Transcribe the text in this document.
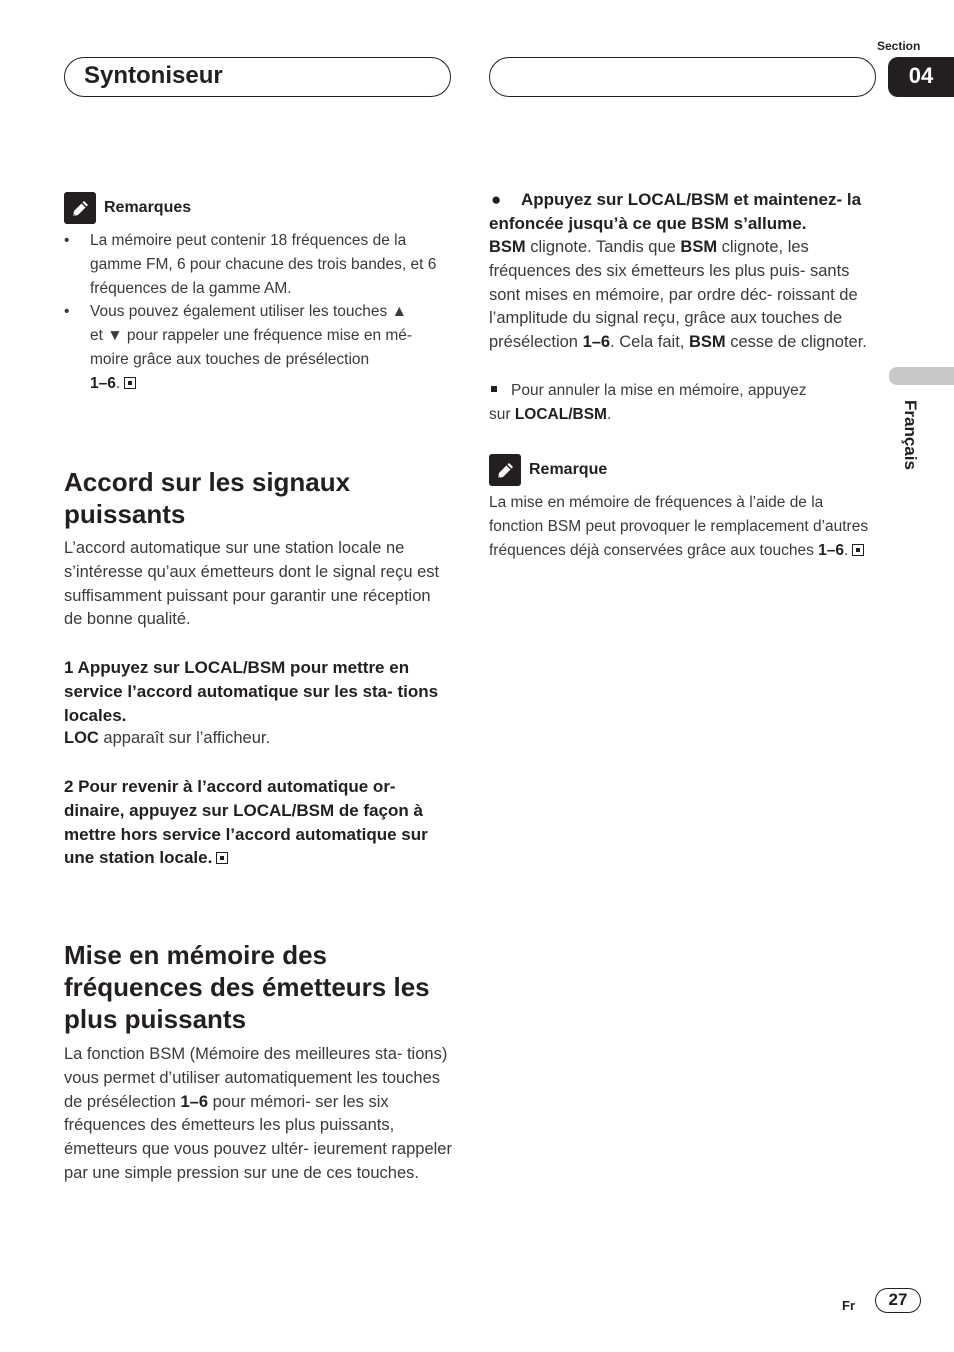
Syntoniseur
Section
04
Français
Remarques
• La mémoire peut contenir 18 fréquences de la gamme FM, 6 pour chacune des trois bandes, et 6 fréquences de la gamme AM.
• Vous pouvez également utiliser les touches ▲
et ▼ pour rappeler une fréquence mise en mé-
moire grâce aux touches de présélection
1–6.
Accord sur les signaux puissants
L’accord automatique sur une station locale ne s’intéresse qu’aux émetteurs dont le signal reçu est suffisamment puissant pour garantir une réception de bonne qualité.
1 Appuyez sur LOCAL/BSM pour mettre en service l’accord automatique sur les sta- tions locales.
LOC apparaît sur l’afficheur.
2 Pour revenir à l’accord automatique or- dinaire, appuyez sur LOCAL/BSM de façon à mettre hors service l’accord automatique sur une station locale.
Mise en mémoire des fréquences des émetteurs les plus puissants
La fonction BSM (Mémoire des meilleures sta- tions) vous permet d’utiliser automatiquement les touches de présélection 1–6 pour mémori- ser les six fréquences des émetteurs les plus puissants, émetteurs que vous pouvez ultér- ieurement rappeler par une simple pression sur une de ces touches.
● Appuyez sur LOCAL/BSM et maintenez- la enfoncée jusqu’à ce que BSM s’allume.
BSM clignote. Tandis que BSM clignote, les fréquences des six émetteurs les plus puis- sants sont mises en mémoire, par ordre déc- roissant de l’amplitude du signal reçu, grâce aux touches de présélection 1–6. Cela fait, BSM cesse de clignoter.
Pour annuler la mise en mémoire, appuyez
sur LOCAL/BSM.
Remarque
La mise en mémoire de fréquences à l’aide de la fonction BSM peut provoquer le remplacement d’autres fréquences déjà conservées grâce aux touches 1–6.
Fr	27
